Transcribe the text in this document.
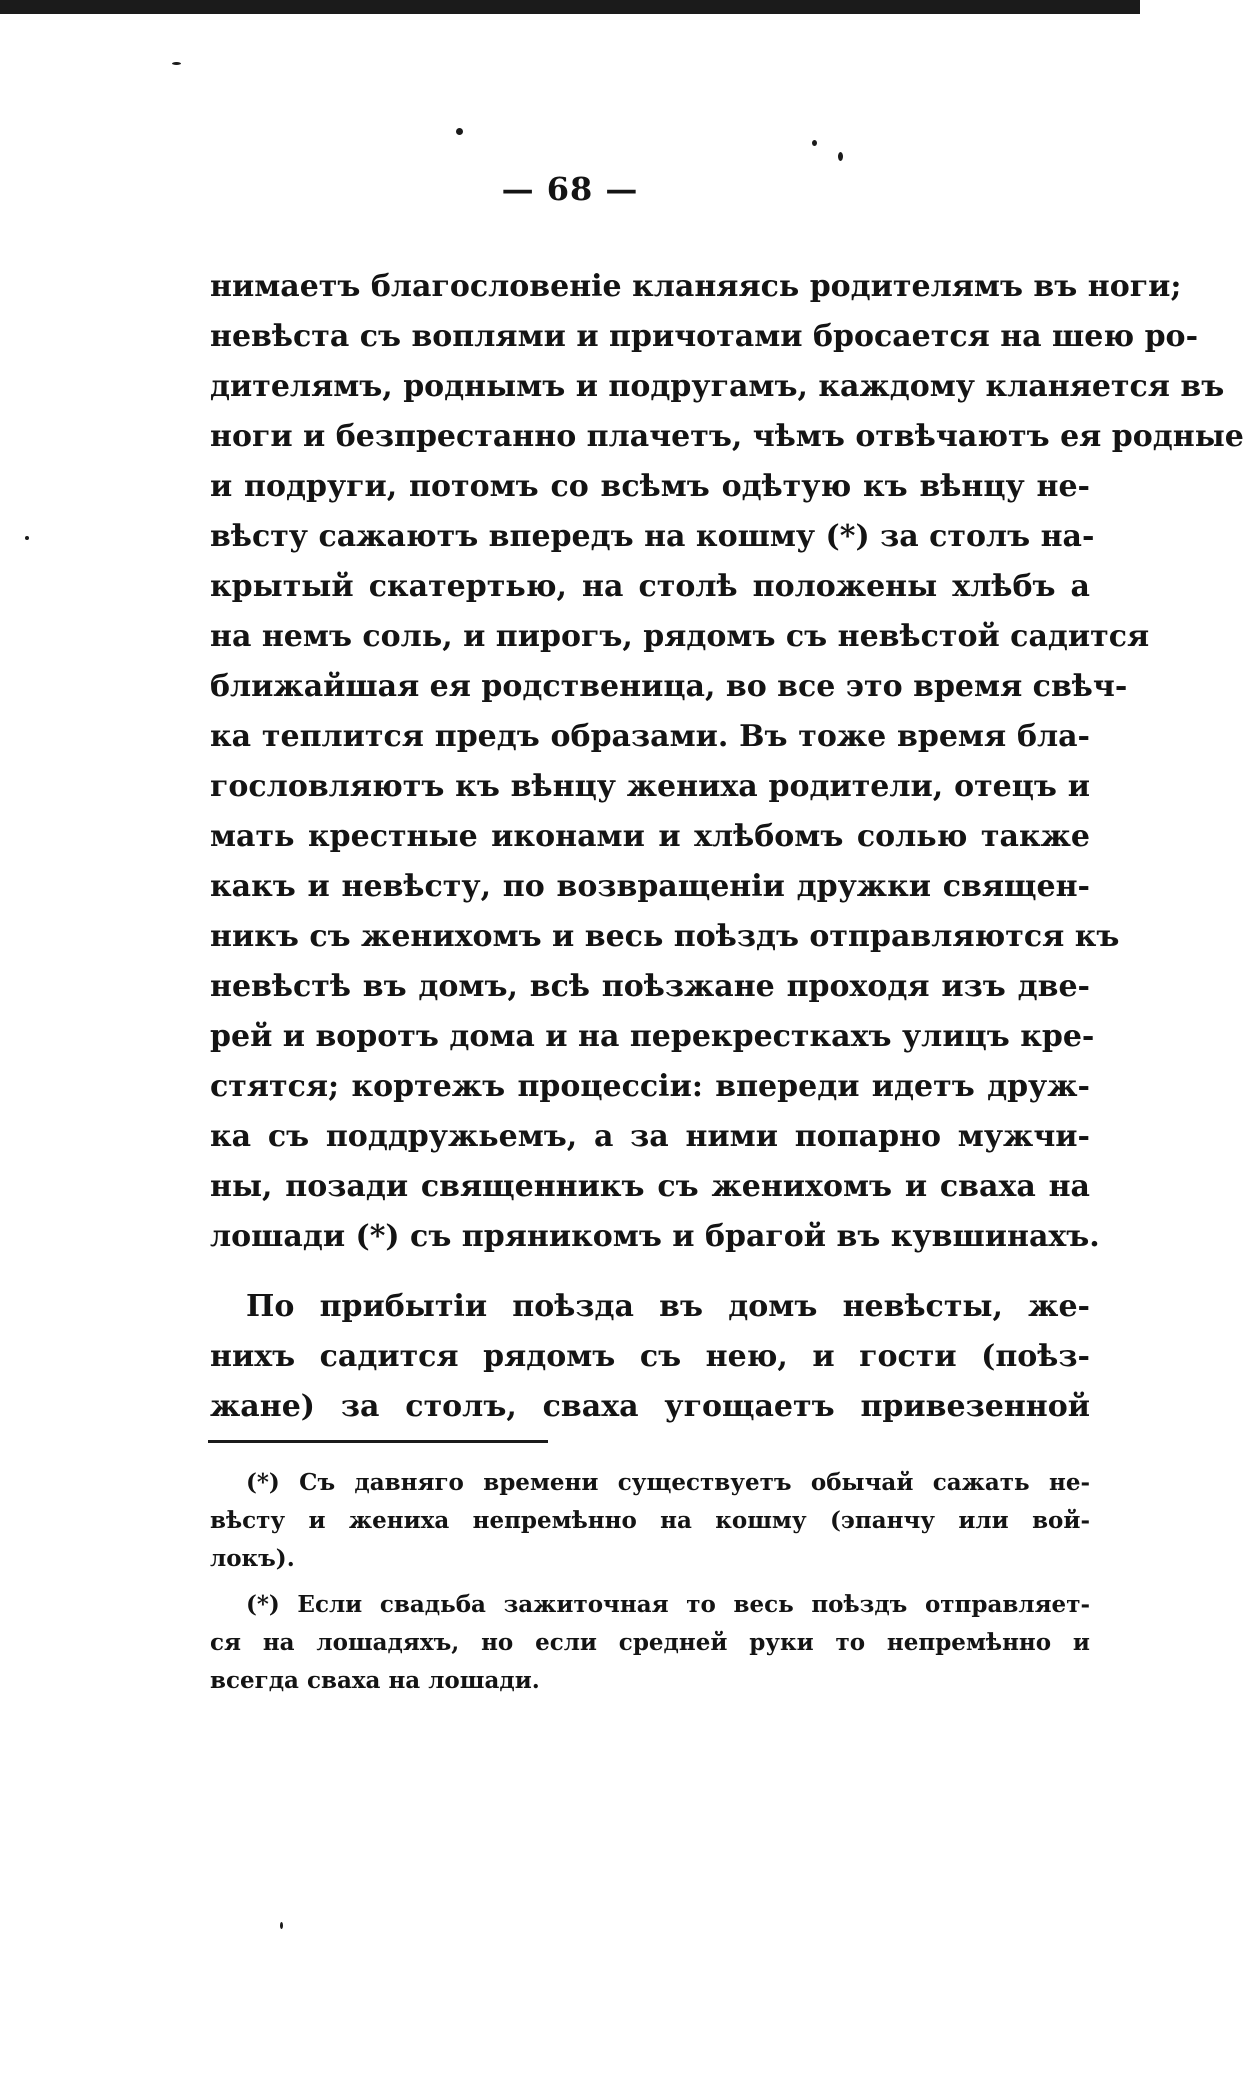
— 68 —
нимаетъ благословенie кланяясь родителямъ въ ноги;
невѣста съ воплями и причотами бросается на шею ро-
дителямъ, роднымъ и подругамъ, каждому кланяется въ
ноги и безпрестанно плачетъ, чѣмъ отвѣчаютъ ея родные
и подруги, потомъ со всѣмъ одѣтую къ вѣнцу не-
вѣсту сажаютъ впередъ на кошму (*) за столъ на-
крытый скатертью, на столѣ положены хлѣбъ а
на немъ соль, и пирогъ, рядомъ съ невѣстой садится
ближайшая ея родственица, во все это время свѣч-
ка теплится предъ образами. Въ тоже время бла-
гословляютъ къ вѣнцу жениха родители, отецъ и
мать крестные иконами и хлѣбомъ солью также
какъ и невѣсту, по возвращенiи дружки священ-
никъ съ женихомъ и весь поѣздъ отправляются къ
невѣстѣ въ домъ, всѣ поѣзжане проходя изъ две-
рей и воротъ дома и на перекресткахъ улицъ кре-
стятся; кортежъ процессiи: впереди идетъ друж-
ка съ поддружьемъ, а за ними попарно мужчи-
ны, позади священникъ съ женихомъ и сваха на
лошади (*) съ пряникомъ и брагой въ кувшинахъ.
По прибытiи поѣзда въ домъ невѣсты, же-
нихъ садится рядомъ съ нею, и гости (поѣз-
жане) за столъ, сваха угощаетъ привезенной
(*) Съ давняго времени существуетъ обычай сажать не-
вѣсту и жениха непремѣнно на кошму (эпанчу или вой-
локъ).
(*) Если свадьба зажиточная то весь поѣздъ отправляет-
ся на лошадяхъ, но если средней руки то непремѣнно и
всегда сваха на лошади.
